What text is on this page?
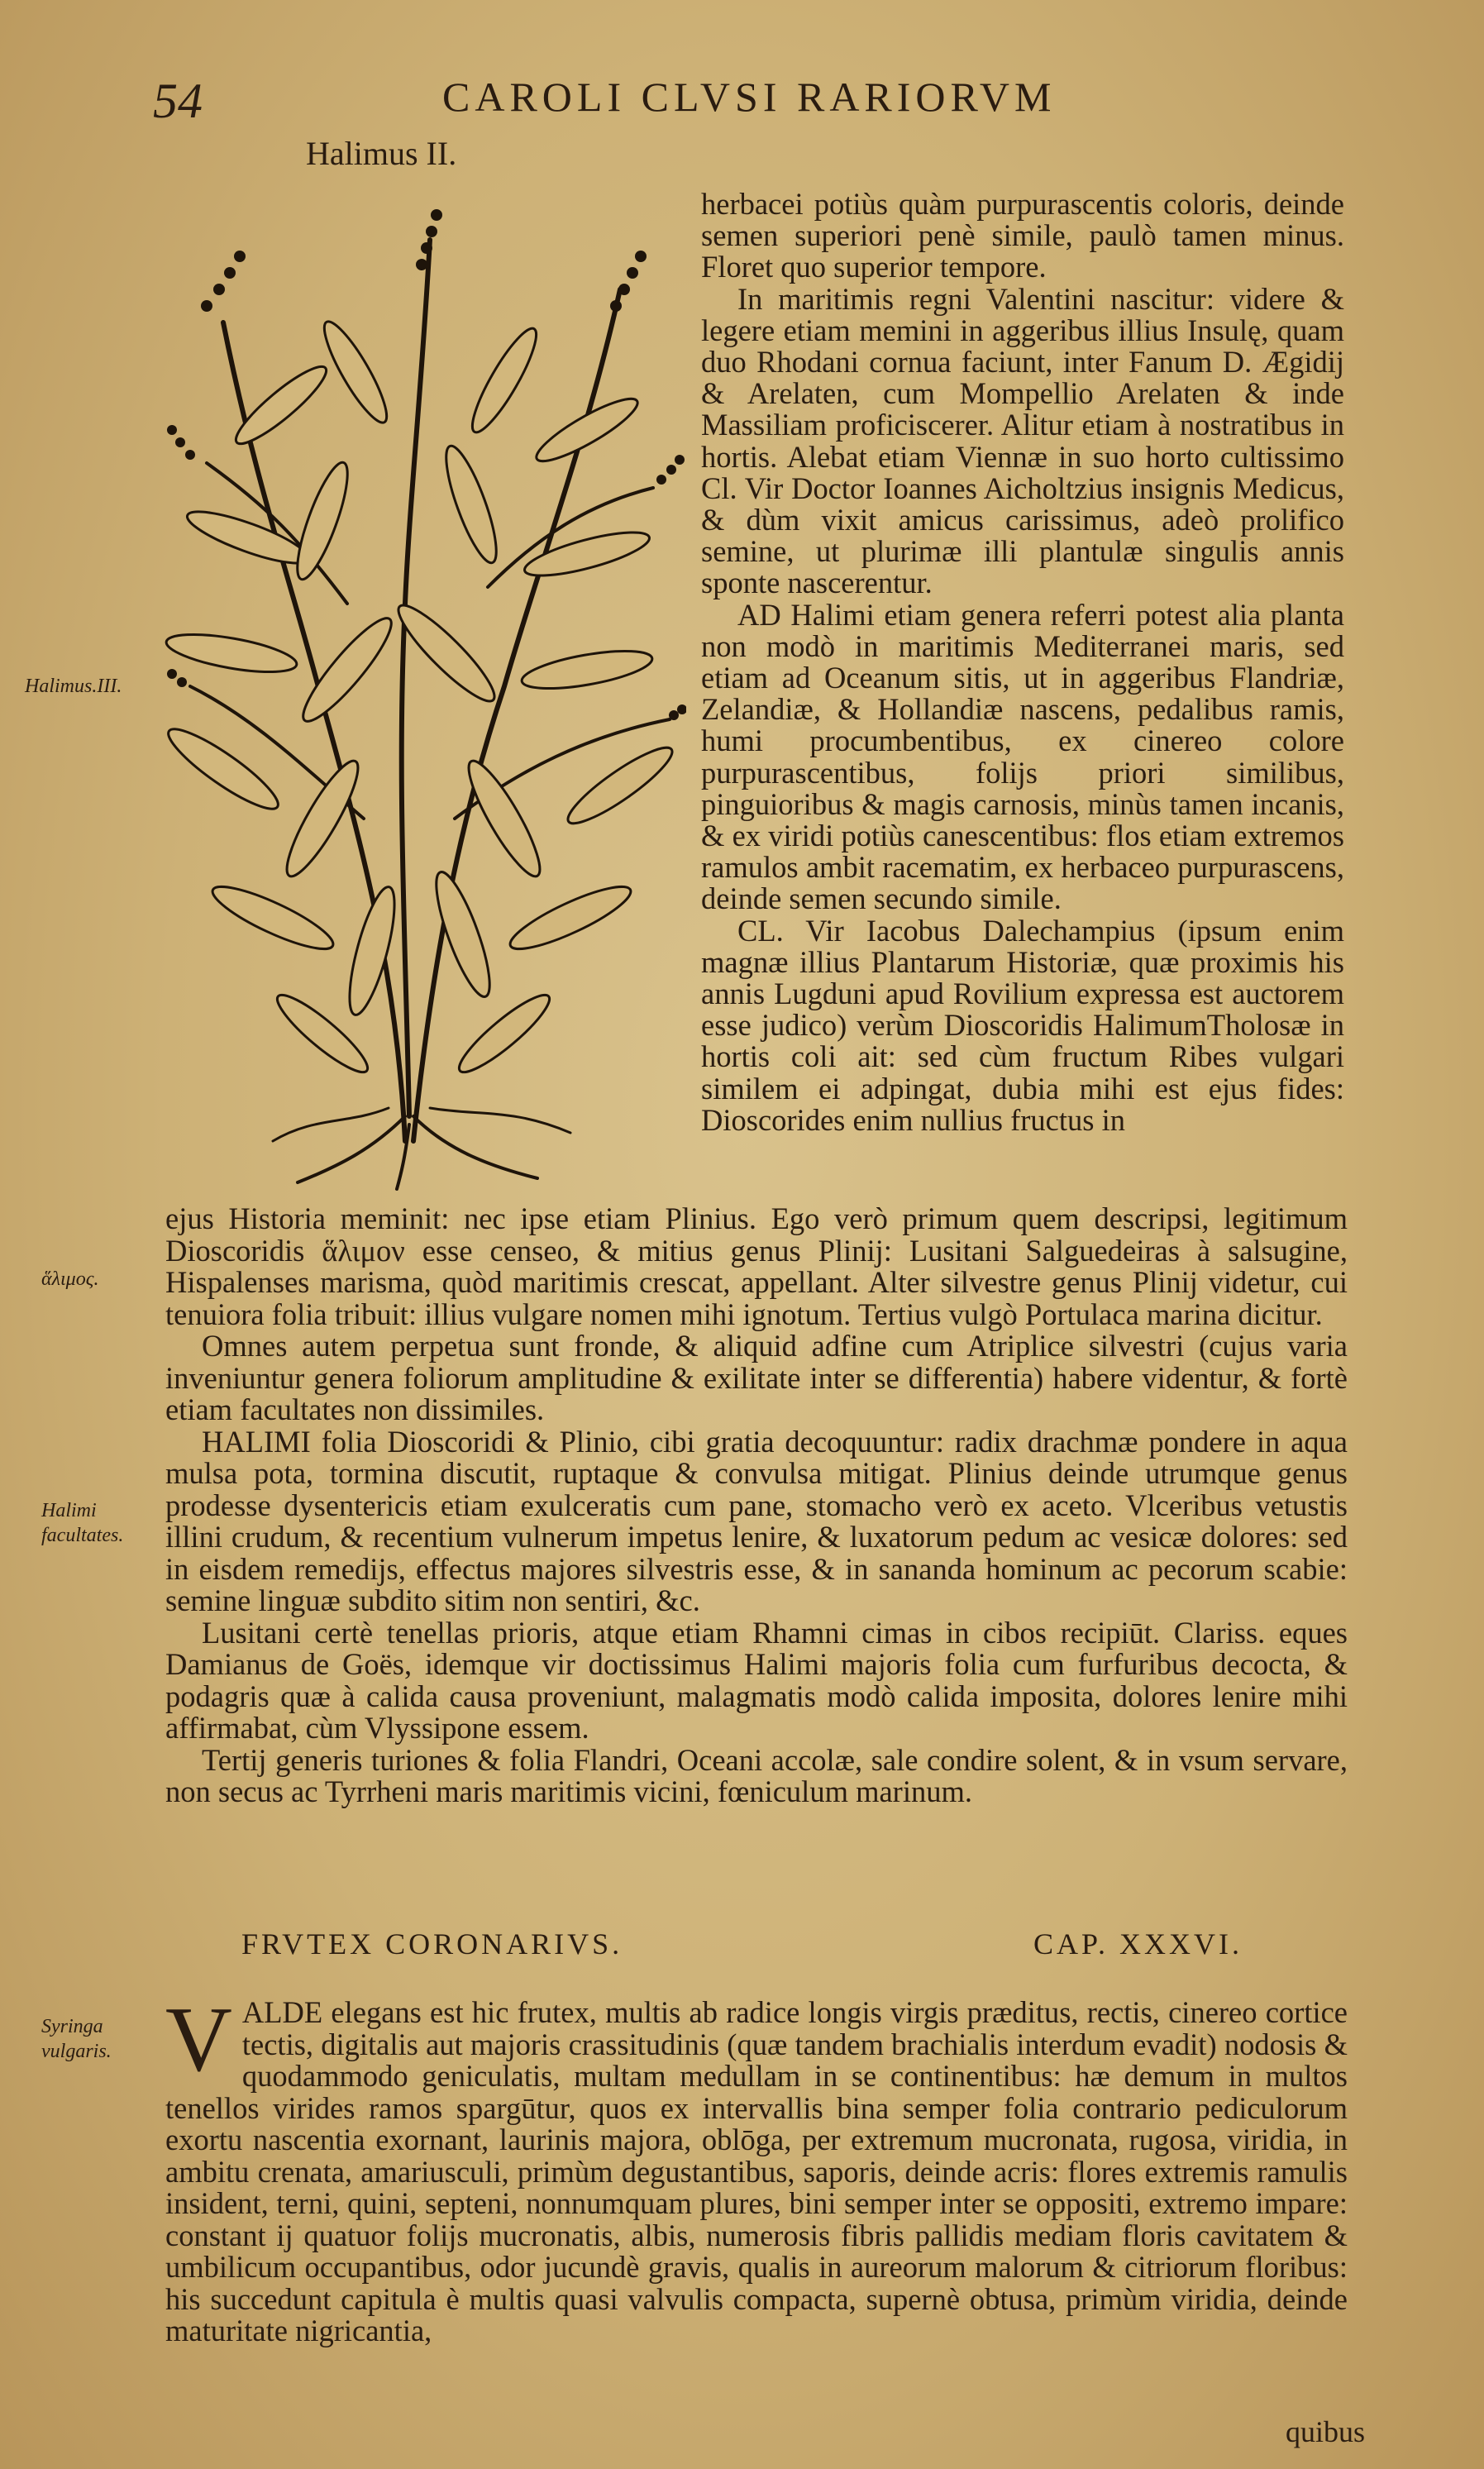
54	CAROLI CLVSI RARIORVM
Halimus II.
Halimus.III.
ἅλιμος.
Halimi facultates.
Syringa vulgaris.

herbacei potiùs quàm purpurascentis coloris, deinde semen superiori penè simile, paulò tamen minus. Floret quo superior tempore.

In maritimis regni Valentini nascitur: videre & legere etiam memini in aggeribus illius Insulę, quam duo Rhodani cornua faciunt, inter Fanum D. Ægidij & Arelaten, cum Mompellio Arelaten & inde Massiliam proficiscerer. Alitur etiam à nostratibus in hortis. Alebat etiam Viennæ in suo horto cultissimo Cl. Vir Doctor Ioannes Aicholtzius insignis Medicus, & dùm vixit amicus carissimus, adeò prolifico semine, ut plurimæ illi plantulæ singulis annis sponte nascerentur.

AD Halimi etiam genera referri potest alia planta non modò in maritimis Mediterranei maris, sed etiam ad Oceanum sitis, ut in aggeribus Flandriæ, Zelandiæ, & Hollandiæ nascens, pedalibus ramis, humi procumbentibus, ex cinereo colore purpurascentibus, folijs priori similibus, pinguioribus & magis carnosis, minùs tamen incanis, & ex viridi potiùs canescentibus: flos etiam extremos ramulos ambit racematim, ex herbaceo purpurascens, deinde semen secundo simile.

CL. Vir Iacobus Dalechampius (ipsum enim magnæ illius Plantarum Historiæ, quæ proximis his annis Lugduni apud Rovilium expressa est auctorem esse judico) verùm Dioscoridis HalimumTholosæ in hortis coli ait: sed cùm fructum Ribes vulgari similem ei adpingat, dubia mihi est ejus fides: Dioscorides enim nullius fructus in

ejus Historia meminit: nec ipse etiam Plinius. Ego verò primum quem descripsi, legitimum Dioscoridis ἅλιμον esse censeo, & mitius genus Plinij: Lusitani Salguedeiras à salsugine, Hispalenses marisma, quòd maritimis crescat, appellant. Alter silvestre genus Plinij videtur, cui tenuiora folia tribuit: illius vulgare nomen mihi ignotum. Tertius vulgò Portulaca marina dicitur.

Omnes autem perpetua sunt fronde, & aliquid adfine cum Atriplice silvestri (cujus varia inveniuntur genera foliorum amplitudine & exilitate inter se differentia) habere videntur, & fortè etiam facultates non dissimiles.

HALIMI folia Dioscoridi & Plinio, cibi gratia decoquuntur: radix drachmæ pondere in aqua mulsa pota, tormina discutit, ruptaque & convulsa mitigat. Plinius deinde utrumque genus prodesse dysentericis etiam exulceratis cum pane, stomacho verò ex aceto. Vlceribus vetustis illini crudum, & recentium vulnerum impetus lenire, & luxatorum pedum ac vesicæ dolores: sed in eisdem remedijs, effectus majores silvestris esse, & in sananda hominum ac pecorum scabie: semine linguæ subdito sitim non sentiri, &c.

Lusitani certè tenellas prioris, atque etiam Rhamni cimas in cibos recipiūt. Clariss. eques Damianus de Goës, idemque vir doctissimus Halimi majoris folia cum furfuribus decocta, & podagris quæ à calida causa proveniunt, malagmatis modò calida imposita, dolores lenire mihi affirmabat, cùm Vlyssipone essem.

Tertij generis turiones & folia Flandri, Oceani accolæ, sale condire solent, & in vsum servare, non secus ac Tyrrheni maris maritimis vicini, fœniculum marinum.

FRVTEX CORONARIVS.	CAP. XXXVI.
VALDE elegans est hic frutex, multis ab radice longis virgis præditus, rectis, cinereo cortice tectis, digitalis aut majoris crassitudinis (quæ tandem brachialis interdum evadit) nodosis & quodammodo geniculatis, multam medullam in se continentibus: hæ demum in multos tenellos virides ramos spargūtur, quos ex intervallis bina semper folia contrario pediculorum exortu nascentia exornant, laurinis majora, oblōga, per extremum mucronata, rugosa, viridia, in ambitu crenata, amariusculi, primùm degustantibus, saporis, deinde acris: flores extremis ramulis insident, terni, quini, septeni, nonnumquam plures, bini semper inter se oppositi, extremo impare: constant ij quatuor folijs mucronatis, albis, numerosis fibris pallidis mediam floris cavitatem & umbilicum occupantibus, odor jucundè gravis, qualis in aureorum malorum & citriorum floribus: his succedunt capitula è multis quasi valvulis compacta, supernè obtusa, primùm viridia, deinde maturitate nigricantia,
quibus
